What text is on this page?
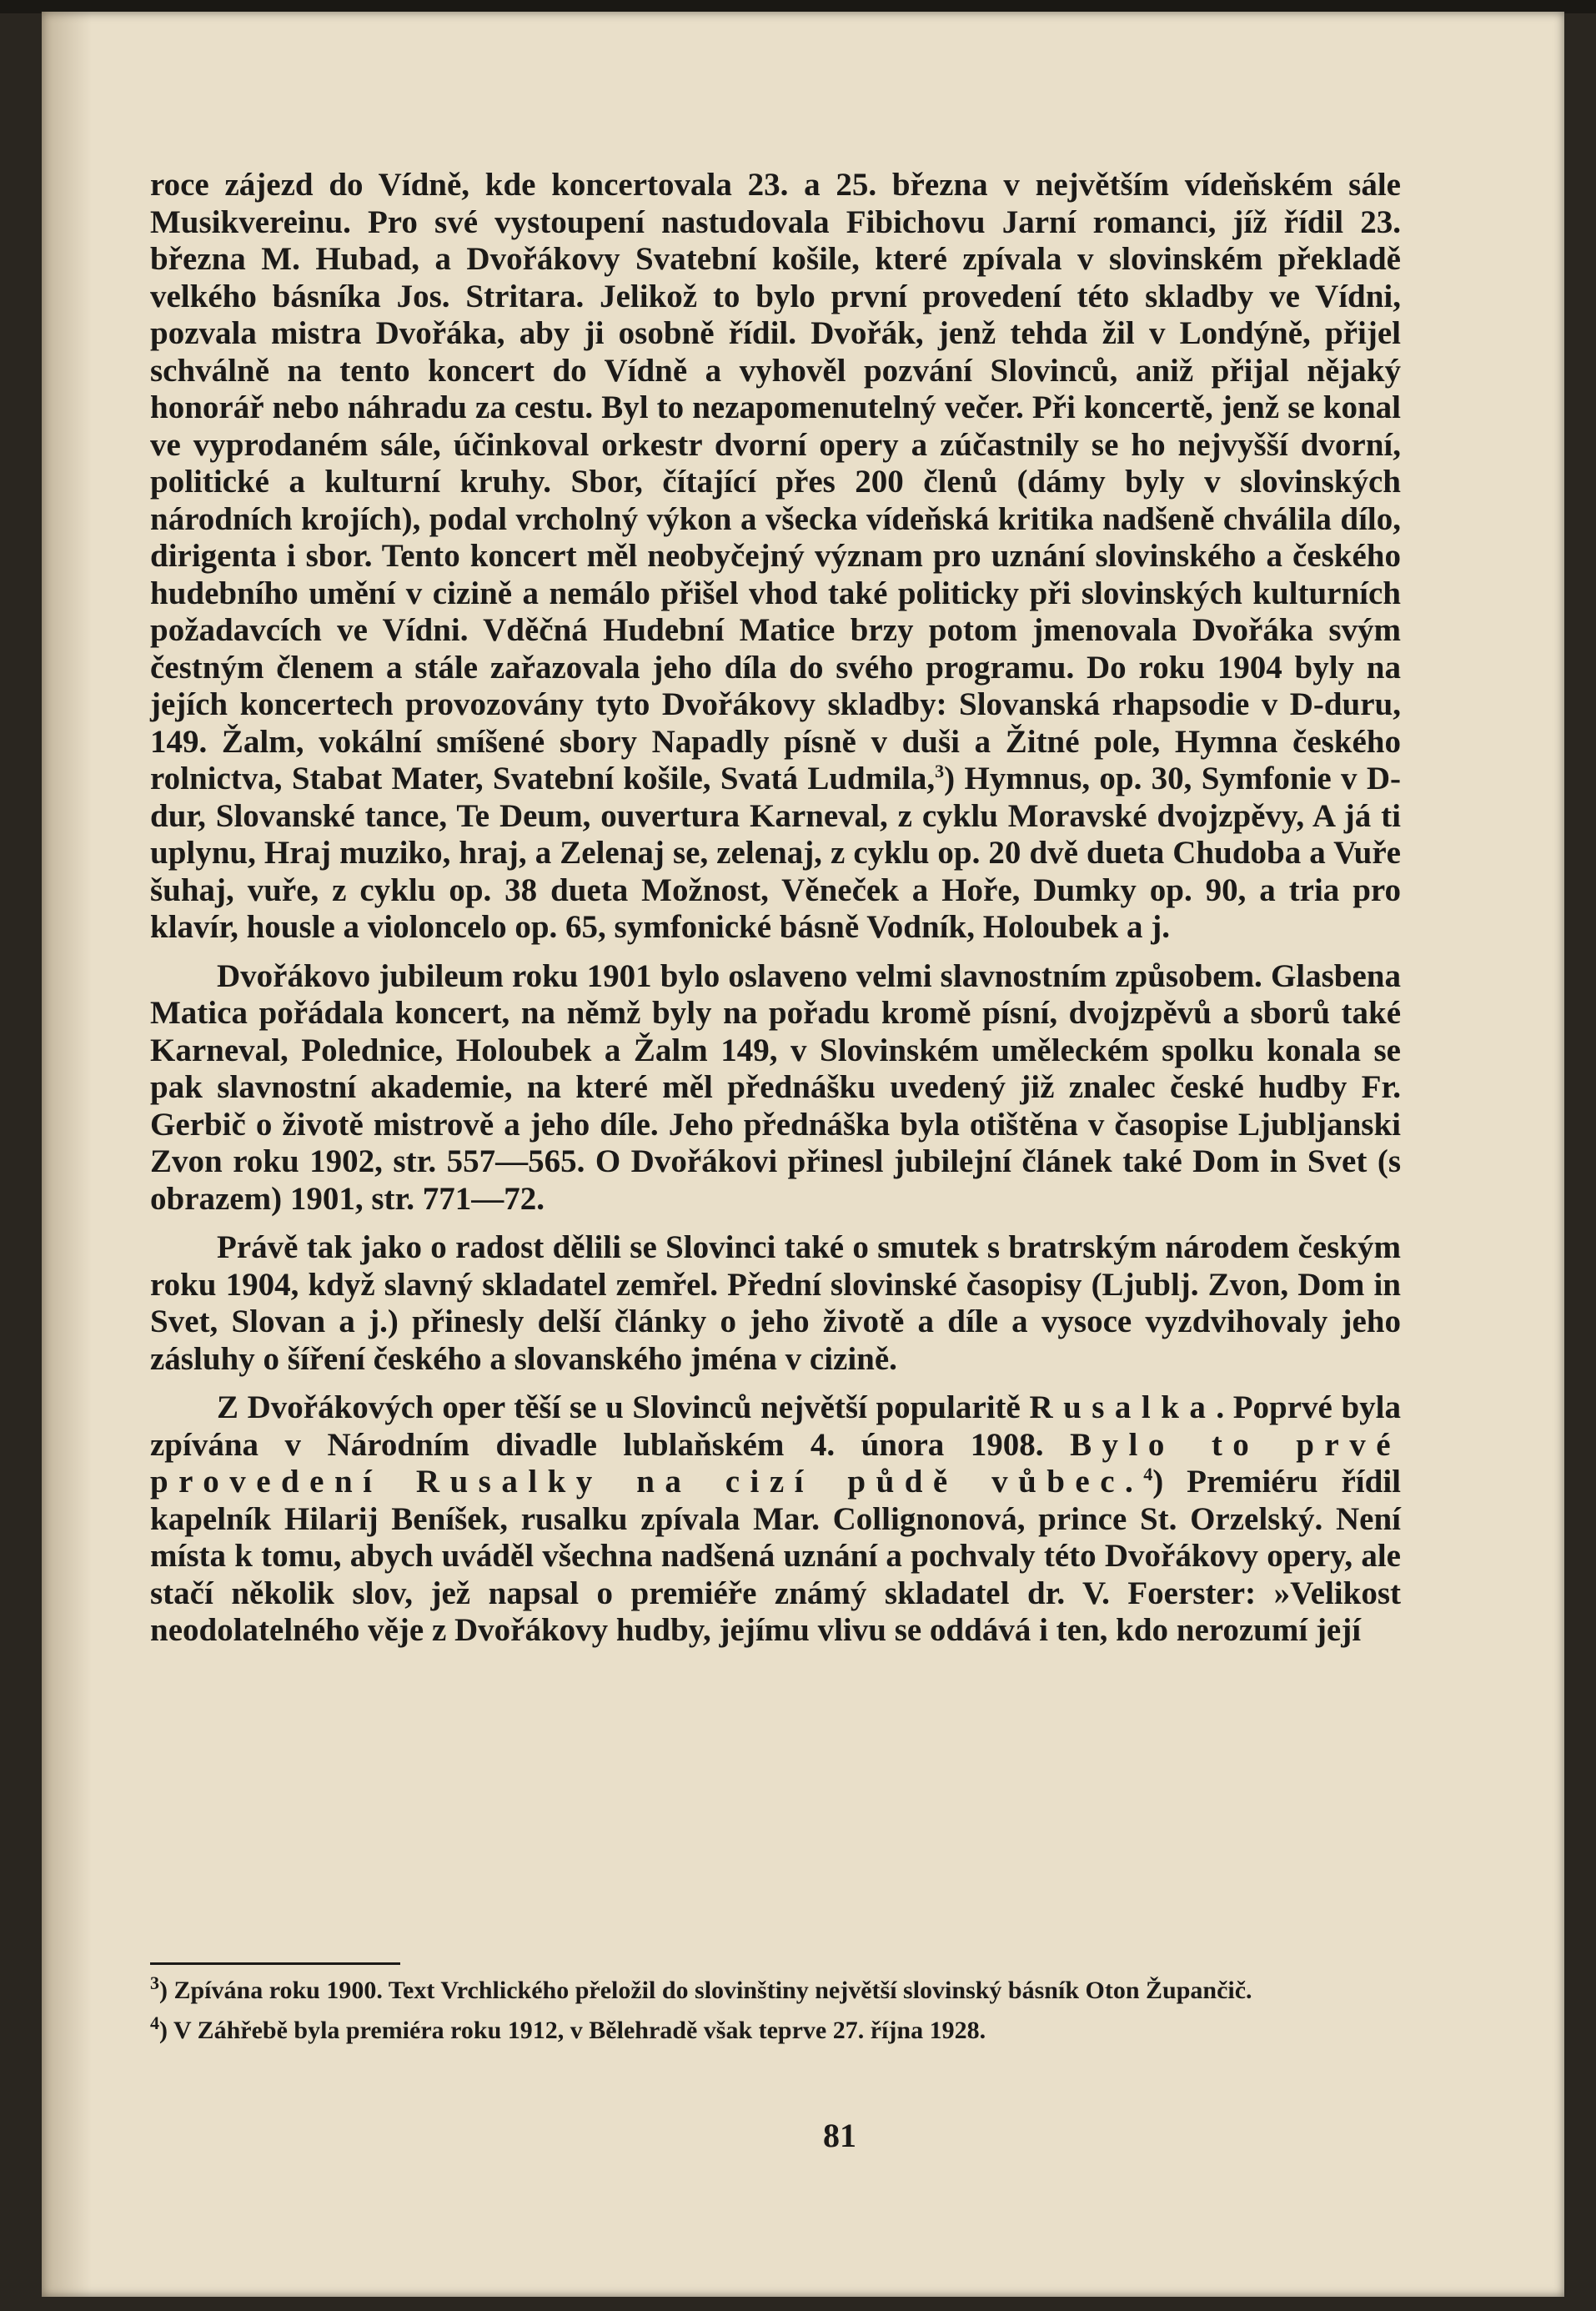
roce zájezd do Vídně, kde koncertovala 23. a 25. března v největším vídeňském sále Musikvereinu. Pro své vystoupení nastudovala Fibichovu Jarní romanci, jíž řídil 23. března M. Hubad, a Dvořákovy Svatební košile, které zpívala v slovinském překladě velkého básníka Jos. Stritara. Jelikož to bylo první provedení této skladby ve Vídni, pozvala mistra Dvořáka, aby ji osobně řídil. Dvořák, jenž tehda žil v Londýně, přijel schválně na tento koncert do Vídně a vyhověl pozvání Slovinců, aniž přijal nějaký honorář nebo náhradu za cestu. Byl to nezapomenutelný večer. Při koncertě, jenž se konal ve vyprodaném sále, účinkoval orkestr dvorní opery a zúčastnily se ho nejvyšší dvorní, politické a kulturní kruhy. Sbor, čítající přes 200 členů (dámy byly v slovinských národních krojích), podal vrcholný výkon a všecka vídeňská kritika nadšeně chválila dílo, dirigenta i sbor. Tento koncert měl neobyčejný význam pro uznání slovinského a českého hudebního umění v cizině a nemálo přišel vhod také politicky při slovinských kulturních požadavcích ve Vídni. Vděčná Hudební Matice brzy potom jmenovala Dvořáka svým čestným členem a stále zařazovala jeho díla do svého programu. Do roku 1904 byly na jejích koncertech provozovány tyto Dvořákovy skladby: Slovanská rhapsodie v D-duru, 149. Žalm, vokální smíšené sbory Napadly písně v duši a Žitné pole, Hymna českého rolnictva, Stabat Mater, Svatební košile, Svatá Ludmila,$^3$) Hymnus, op. 30, Symfonie v D-dur, Slovanské tance, Te Deum, ouvertura Karneval, z cyklu Moravské dvojzpěvy, A já ti uplynu, Hraj muziko, hraj, a Zelenaj se, zelenaj, z cyklu op. 20 dvě dueta Chudoba a Vuře šuhaj, vuře, z cyklu op. 38 dueta Možnost, Věneček a Hoře, Dumky op. 90, a tria pro klavír, housle a violoncelo op. 65, symfonické básně Vodník, Holoubek a j.

Dvořákovo jubileum roku 1901 bylo oslaveno velmi slavnostním způsobem. Glasbena Matica pořádala koncert, na němž byly na pořadu kromě písní, dvojzpěvů a sborů také Karneval, Polednice, Holoubek a Žalm 149, v Slovinském uměleckém spolku konala se pak slavnostní akademie, na které měl přednášku uvedený již znalec české hudby Fr. Gerbič o životě mistrově a jeho díle. Jeho přednáška byla otištěna v časopise Ljubljanski Zvon roku 1902, str. 557—565. O Dvořákovi přinesl jubilejní článek také Dom in Svet (s obrazem) 1901, str. 771—72.

Právě tak jako o radost dělili se Slovinci také o smutek s bratrským národem českým roku 1904, když slavný skladatel zemřel. Přední slovinské časopisy (Ljublj. Zvon, Dom in Svet, Slovan a j.) přinesly delší články o jeho životě a díle a vysoce vyzdvihovaly jeho zásluhy o šíření českého a slovanského jména v cizině.

Z Dvořákových oper těší se u Slovinců největší popularitě Rusalka. Poprvé byla zpívána v Národním divadle lublaňském 4. února 1908. Bylo to prvé provedení Rusalky na cizí půdě vůbec.$^4$) Premiéru řídil kapelník Hilarij Beníšek, rusalku zpívala Mar. Collignonová, prince St. Orzelský. Není místa k tomu, abych uváděl všechna nadšená uznání a pochvaly této Dvořákovy opery, ale stačí několik slov, jež napsal o premiéře známý skladatel dr. V. Foerster: »Velikost neodolatelného věje z Dvořákovy hudby, jejímu vlivu se oddává i ten, kdo nerozumí její

$^3$) Zpívána roku 1900. Text Vrchlického přeložil do slovinštiny největší slovinský básník Oton Župančič.

$^4$) V Záhřebě byla premiéra roku 1912, v Bělehradě však teprve 27. října 1928.

81
